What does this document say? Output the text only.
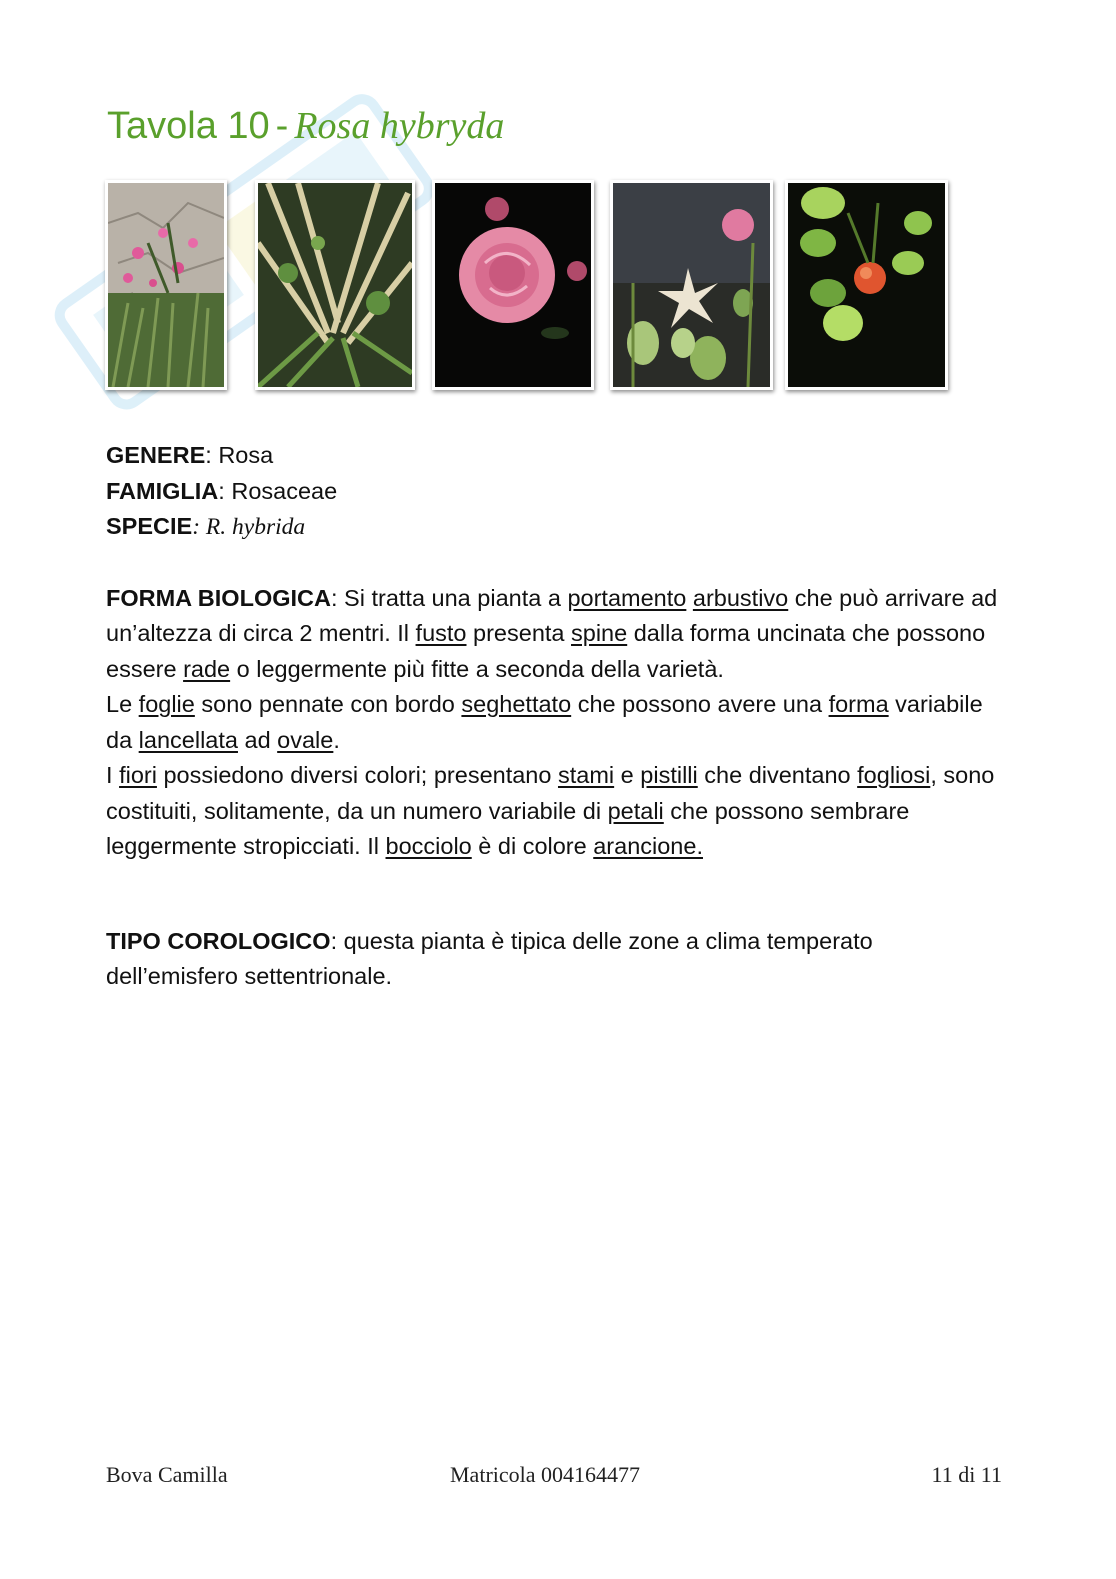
Tavola 10 - Rosa hybryda

GENERE: Rosa

FAMIGLIA: Rosaceae

SPECIE: R. hybrida

FORMA BIOLOGICA: Si tratta una pianta a portamento arbustivo che può arrivare ad un’altezza di circa 2 mentri. Il fusto presenta spine dalla forma uncinata che possono essere rade o leggermente più fitte a seconda della varietà.

Le foglie sono pennate con bordo seghettato che possono avere una forma variabile da lancellata ad ovale.

I fiori possiedono diversi colori; presentano stami e pistilli che diventano fogliosi, sono costituiti, solitamente, da un numero variabile di petali che possono sembrare leggermente stropicciati. Il bocciolo è di colore arancione.

TIPO COROLOGICO: questa pianta è tipica delle zone a clima temperato dell’emisfero settentrionale.

Bova Camilla	Matricola 004164477	11 di 11
